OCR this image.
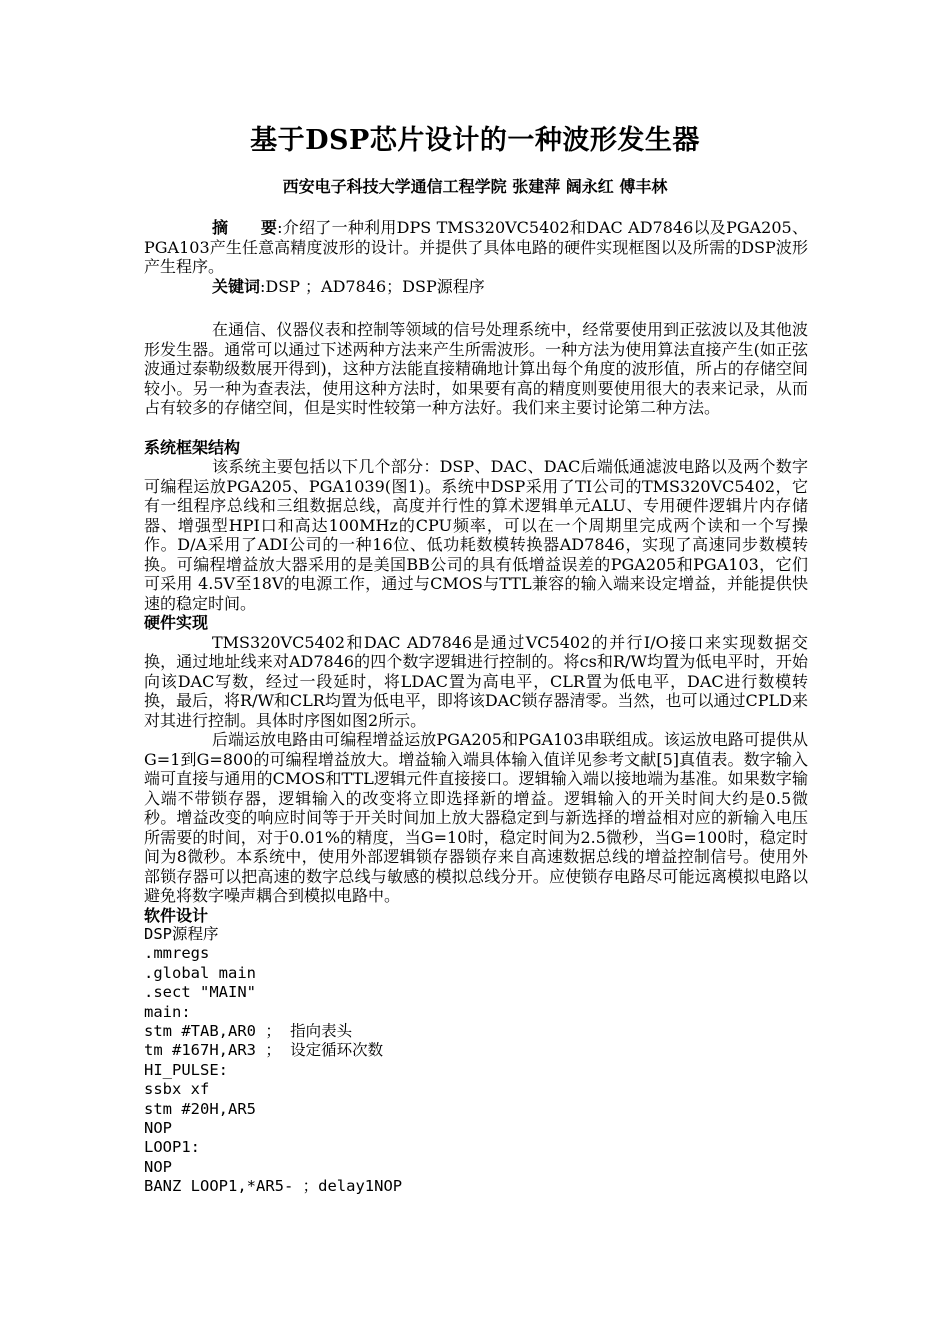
基于DSP芯片设计的一种波形发生器
西安电子科技大学通信工程学院 张建萍 阔永红 傅丰林

摘　　要:介绍了一种利用DPS TMS320VC5402和DAC AD7846以及PGA205、PGA103产生任意高精度波形的设计。并提供了具体电路的硬件实现框图以及所需的DSP波形产生程序。

关键词:DSP ；AD7846；DSP源程序

在通信、仪器仪表和控制等领域的信号处理系统中，经常要使用到正弦波以及其他波形发生器。通常可以通过下述两种方法来产生所需波形。一种方法为使用算法直接产生(如正弦波通过泰勒级数展开得到)，这种方法能直接精确地计算出每个角度的波形值，所占的存储空间较小。另一种为查表法，使用这种方法时，如果要有高的精度则要使用很大的表来记录，从而占有较多的存储空间，但是实时性较第一种方法好。我们来主要讨论第二种方法。

系统框架结构

该系统主要包括以下几个部分：DSP、DAC、DAC后端低通滤波电路以及两个数字可编程运放PGA205、PGA1039(图1)。系统中DSP采用了TI公司的TMS320VC5402，它有一组程序总线和三组数据总线，高度并行性的算术逻辑单元ALU、专用硬件逻辑片内存储器、增强型HPI口和高达100MHz的CPU频率，可以在一个周期里完成两个读和一个写操作。D/A采用了ADI公司的一种16位、低功耗数模转换器AD7846，实现了高速同步数模转换。可编程增益放大器采用的是美国BB公司的具有低增益误差的PGA205和PGA103，它们可采用 4.5V至18V的电源工作，通过与CMOS与TTL兼容的输入端来设定增益，并能提供快速的稳定时间。

硬件实现

TMS320VC5402和DAC AD7846是通过VC5402的并行I/O接口来实现数据交换，通过地址线来对AD7846的四个数字逻辑进行控制的。将cs和R/W均置为低电平时，开始向该DAC写数，经过一段延时，将LDAC置为高电平，CLR置为低电平，DAC进行数模转换，最后，将R/W和CLR均置为低电平，即将该DAC锁存器清零。当然，也可以通过CPLD来对其进行控制。具体时序图如图2所示。

后端运放电路由可编程增益运放PGA205和PGA103串联组成。该运放电路可提供从G=1到G=800的可编程增益放大。增益输入端具体输入值详见参考文献[5]真值表。数字输入端可直接与通用的CMOS和TTL逻辑元件直接接口。逻辑输入端以接地端为基准。如果数字输入端不带锁存器，逻辑输入的改变将立即选择新的增益。逻辑输入的开关时间大约是0.5微秒。增益改变的响应时间等于开关时间加上放大器稳定到与新选择的增益相对应的新输入电压所需要的时间，对于0.01%的精度，当G=10时，稳定时间为2.5微秒，当G=100时，稳定时间为8微秒。本系统中，使用外部逻辑锁存器锁存来自高速数据总线的增益控制信号。使用外部锁存器可以把高速的数字总线与敏感的模拟总线分开。应使锁存电路尽可能远离模拟电路以避免将数字噪声耦合到模拟电路中。

软件设计

DSP源程序

.mmregs

.global main

.sect "MAIN"

main:

stm #TAB,AR0 ； 指向表头

tm #167H,AR3 ； 设定循环次数

HI_PULSE:

ssbx xf

stm #20H,AR5

NOP

LOOP1:

NOP

BANZ LOOP1,*AR5- ；delay1NOP
